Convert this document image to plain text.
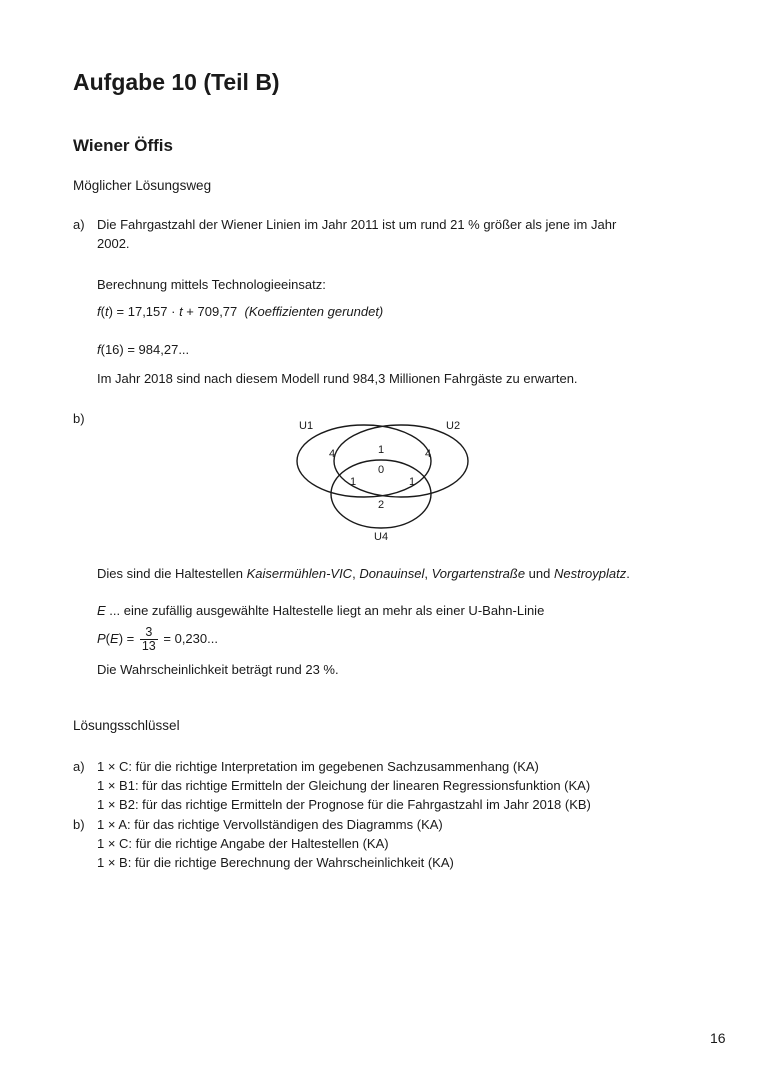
Aufgabe 10 (Teil B)
Wiener Öffis
Möglicher Lösungsweg
a) Die Fahrgastzahl der Wiener Linien im Jahr 2011 ist um rund 21 % größer als jene im Jahr
2002.
Berechnung mittels Technologieeinsatz:
f(t) = 17,157 · t + 709,77 (Koeffizienten gerundet)
f(16) = 984,27...
Im Jahr 2018 sind nach diesem Modell rund 984,3 Millionen Fahrgäste zu erwarten.
b)	U1	U2
U4
4	4
1
0
1	1
2
Dies sind die Haltestellen Kaisermühlen-VIC, Donauinsel, Vorgartenstraße und Nestroyplatz.
E ... eine zufällig ausgewählte Haltestelle liegt an mehr als einer U-Bahn-Linie
$P(E) = \frac{3}{13} = 0,230$...
Die Wahrscheinlichkeit beträgt rund 23 %.
Lösungsschlüssel
a) 1 × C: für die richtige Interpretation im gegebenen Sachzusammenhang (KA)
1 × B1: für das richtige Ermitteln der Gleichung der linearen Regressionsfunktion (KA)
1 × B2: für das richtige Ermitteln der Prognose für die Fahrgastzahl im Jahr 2018 (KB)
b) 1 × A: für das richtige Vervollständigen des Diagramms (KA)
1 × C: für die richtige Angabe der Haltestellen (KA)
1 × B: für die richtige Berechnung der Wahrscheinlichkeit (KA)
16
